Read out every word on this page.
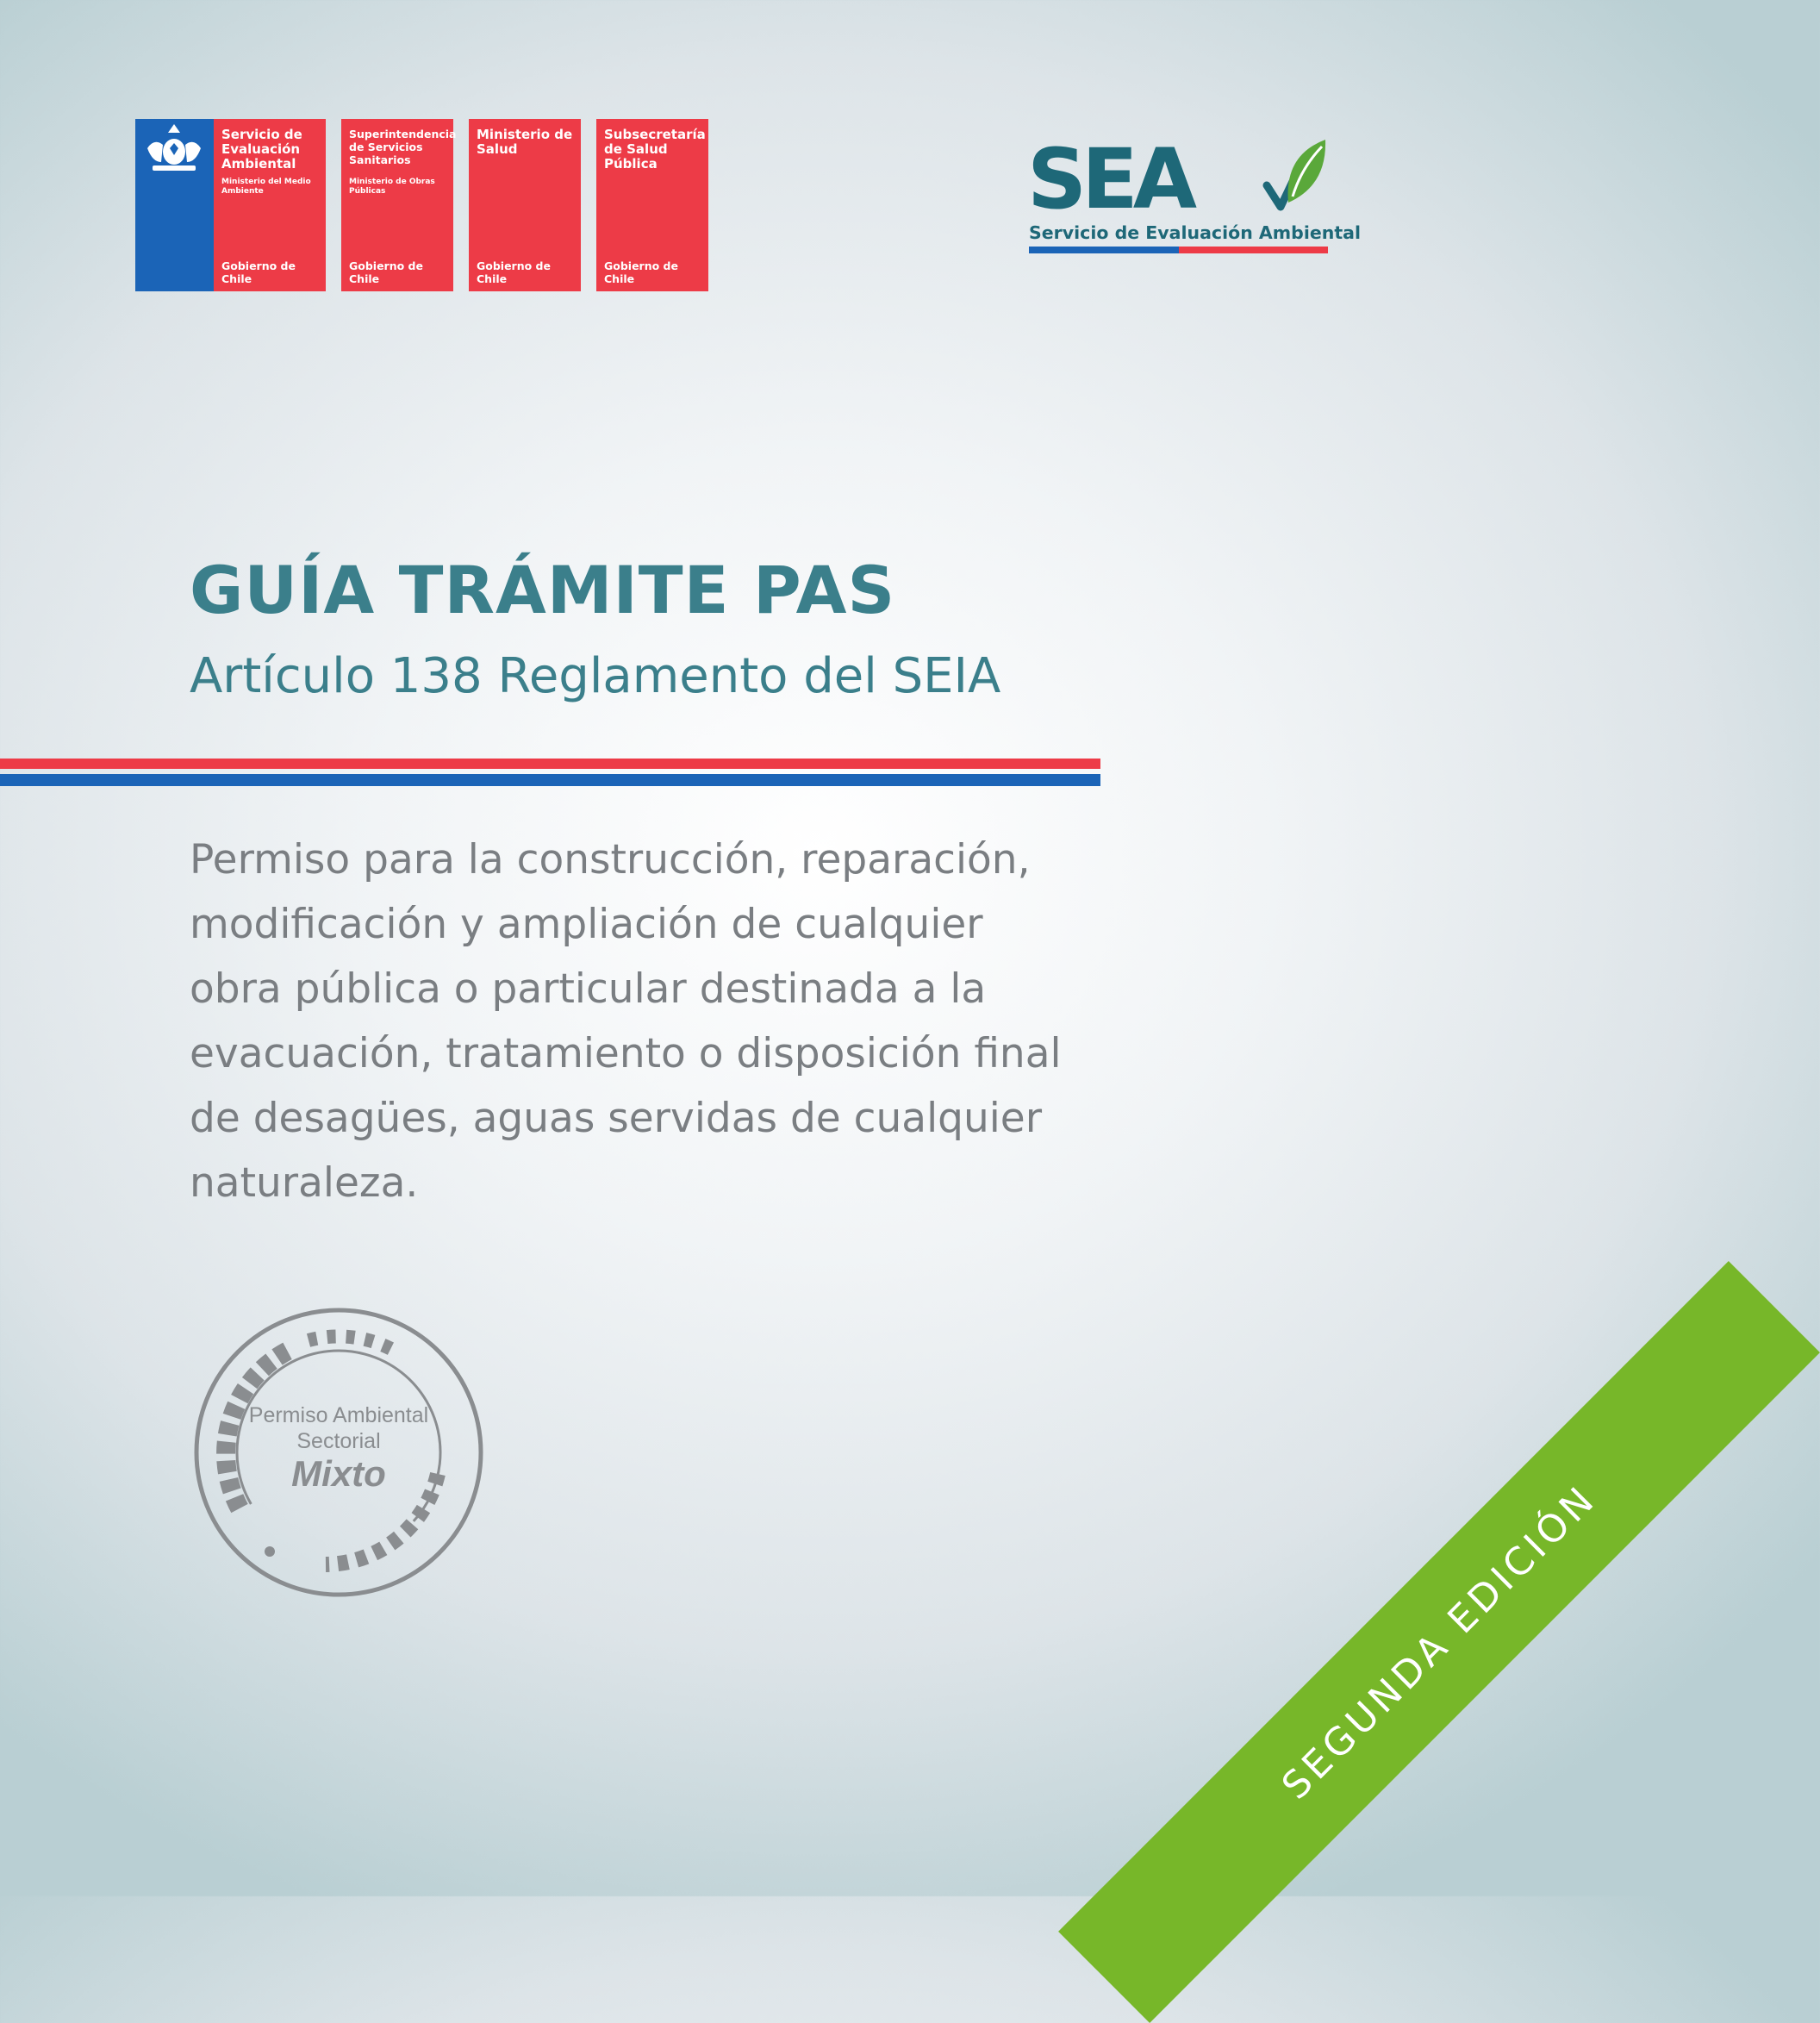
Servicio de Evaluación Ambiental
Ministerio del Medio Ambiente
Gobierno de Chile
Superintendencia de Servicios Sanitarios
Ministerio de Obras Públicas
Gobierno de Chile
Ministerio de Salud
Gobierno de Chile
Subsecretaría de Salud Pública
Gobierno de Chile
SEA
Servicio de Evaluación Ambiental
GUÍA TRÁMITE PAS
Artículo 138 Reglamento del SEIA
Permiso para la construcción, reparación, modificación y ampliación de cualquier obra pública o particular destinada a la evacuación, tratamiento o disposición final de desagües, aguas servidas de cualquier naturaleza.
Permiso Ambiental
Sectorial
Mixto
SEGUNDA EDICIÓN
